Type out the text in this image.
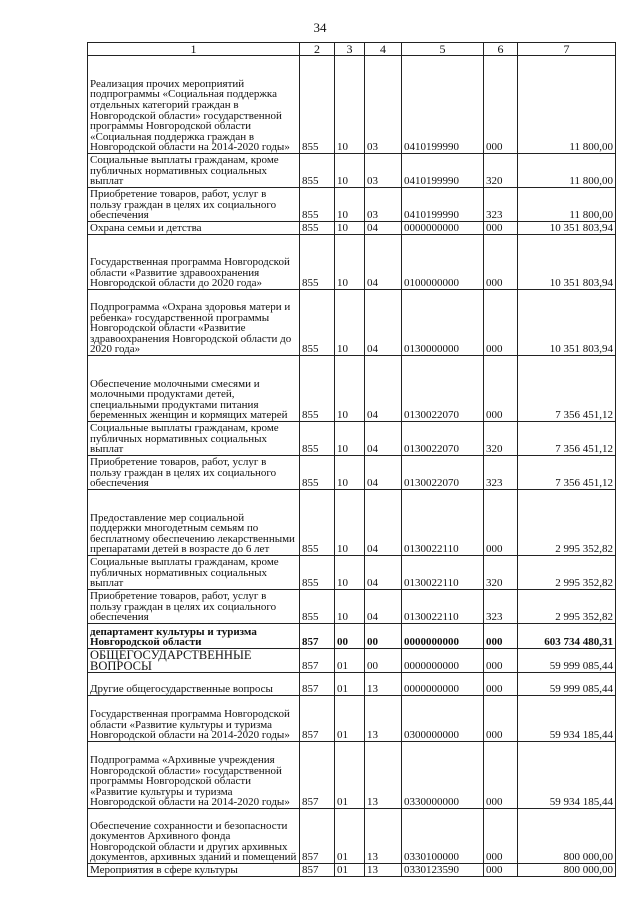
34
1	2	3	4	5	6	7
Реализация прочих мероприятий подпрограммы «Социальная поддержка отдельных категорий граждан в Новгородской области» государственной программы Новгородской области «Социальная поддержка граждан в Новгородской области на 2014-2020 годы»	855	10	03	0410199990	000	11 800,00
Социальные выплаты гражданам, кроме публичных нормативных социальных выплат	855	10	03	0410199990	320	11 800,00
Приобретение товаров, работ, услуг в пользу граждан в целях их социального обеспечения	855	10	03	0410199990	323	11 800,00
Охрана семьи и детства	855	10	04	0000000000	000	10 351 803,94
Государственная программа Новгородской области «Развитие здравоохранения Новгородской области до 2020 года»	855	10	04	0100000000	000	10 351 803,94
Подпрограмма «Охрана здоровья матери и ребенка» государственной программы Новгородской области «Развитие здравоохранения Новгородской области до 2020 года»	855	10	04	0130000000	000	10 351 803,94
Обеспечение молочными смесями и молочными продуктами детей, специальными продуктами питания беременных женщин и кормящих матерей	855	10	04	0130022070	000	7 356 451,12
Социальные выплаты гражданам, кроме публичных нормативных социальных выплат	855	10	04	0130022070	320	7 356 451,12
Приобретение товаров, работ, услуг в пользу граждан в целях их социального обеспечения	855	10	04	0130022070	323	7 356 451,12
Предоставление мер социальной поддержки многодетным семьям по бесплатному обеспечению лекарственными препаратами детей в возрасте до 6 лет	855	10	04	0130022110	000	2 995 352,82
Социальные выплаты гражданам, кроме публичных нормативных социальных выплат	855	10	04	0130022110	320	2 995 352,82
Приобретение товаров, работ, услуг в пользу граждан в целях их социального обеспечения	855	10	04	0130022110	323	2 995 352,82
департамент культуры и туризма Новгородской области	857	00	00	0000000000	000	603 734 480,31
ОБЩЕГОСУДАРСТВЕННЫЕ ВОПРОСЫ	857	01	00	0000000000	000	59 999 085,44
Другие общегосударственные вопросы	857	01	13	0000000000	000	59 999 085,44
Государственная программа Новгородской области «Развитие культуры и туризма Новгородской области на 2014-2020 годы»	857	01	13	0300000000	000	59 934 185,44
Подпрограмма «Архивные учреждения Новгородской области» государственной программы Новгородской области «Развитие культуры и туризма Новгородской области на 2014-2020 годы»	857	01	13	0330000000	000	59 934 185,44
Обеспечение сохранности и безопасности документов Архивного фонда Новгородской области и других архивных документов, архивных зданий и помещений	857	01	13	0330100000	000	800 000,00
Мероприятия в сфере культуры	857	01	13	0330123590	000	800 000,00
